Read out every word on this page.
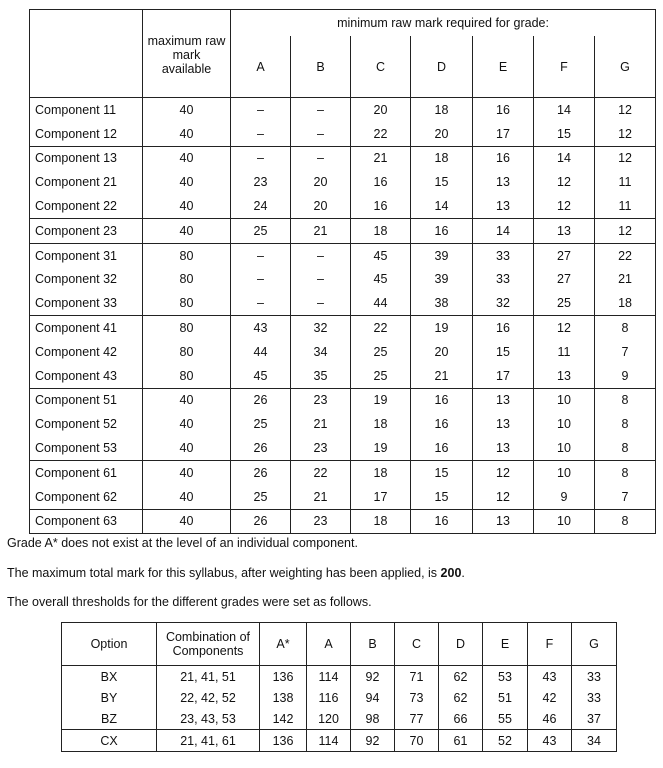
	maximum raw
mark
available	minimum raw mark required for grade:						
		A	B	C	D	E	F	G
Component 11	40	–	–	20	18	16	14	12
Component 12	40	–	–	22	20	17	15	12
Component 13	40	–	–	21	18	16	14	12
Component 21	40	23	20	16	15	13	12	11
Component 22	40	24	20	16	14	13	12	11
Component 23	40	25	21	18	16	14	13	12
Component 31	80	–	–	45	39	33	27	22
Component 32	80	–	–	45	39	33	27	21
Component 33	80	–	–	44	38	32	25	18
Component 41	80	43	32	22	19	16	12	8
Component 42	80	44	34	25	20	15	11	7
Component 43	80	45	35	25	21	17	13	9
Component 51	40	26	23	19	16	13	10	8
Component 52	40	25	21	18	16	13	10	8
Component 53	40	26	23	19	16	13	10	8
Component 61	40	26	22	18	15	12	10	8
Component 62	40	25	21	17	15	12	9	7
Component 63	40	26	23	18	16	13	10	8
Grade A* does not exist at the level of an individual component.
The maximum total mark for this syllabus, after weighting has been applied, is 200.
The overall thresholds for the different grades were set as follows.
Option	Combination of
Components	A*	A	B	C	D	E	F	G
BX	21, 41, 51	136	114	92	71	62	53	43	33
BY	22, 42, 52	138	116	94	73	62	51	42	33
BZ	23, 43, 53	142	120	98	77	66	55	46	37
CX	21, 41, 61	136	114	92	70	61	52	43	34
